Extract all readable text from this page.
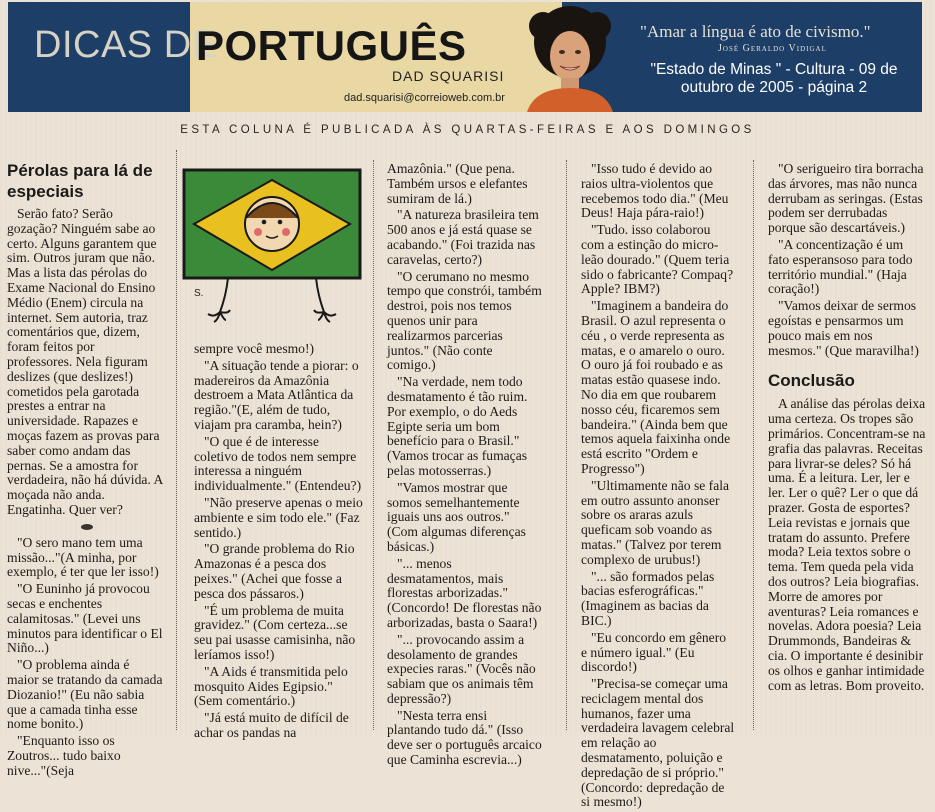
DICAS DE
PORTUGUÊS
DAD SQUARISI
dad.squarisi@correioweb.com.br
"Amar a língua é ato de civismo."
José Geraldo Vidigal
"Estado de Minas " - Cultura - 09 de outubro de 2005 - página 2
ESTA COLUNA É PUBLICADA ÀS QUARTAS-FEIRAS E AOS DOMINGOS
S.
Pérolas para lá de especiais

Serão fato? Serão gozação? Ninguém sabe ao certo. Alguns garantem que sim. Outros juram que não. Mas a lista das pérolas do Exame Nacional do Ensino Médio (Enem) circula na internet. Sem autoria, traz comentários que, dizem, foram feitos por professores. Nela figuram deslizes (que deslizes!) cometidos pela garotada prestes a entrar na universidade. Rapazes e moças fazem as provas para saber como andam das pernas. Se a amostra for verdadeira, não há dúvida. A moçada não anda. Engatinha. Quer ver?

"O sero mano tem uma missão..."(A minha, por exemplo, é ter que ler isso!)

"O Euninho já provocou secas e enchentes calamitosas." (Levei uns minutos para identificar o El Niño...)

"O problema ainda é maior se tratando da camada Diozanio!" (Eu não sabia que a camada tinha esse nome bonito.)

"Enquanto isso os Zoutros... tudo baixo nive..."(Seja

sempre você mesmo!)

"A situação tende a piorar: o madereiros da Amazônia destroem a Mata Atlântica da região."(E, além de tudo, viajam pra caramba, hein?)

"O que é de interesse coletivo de todos nem sempre interessa a ninguém individualmente." (Entendeu?)

"Não preserve apenas o meio ambiente e sim todo ele." (Faz sentido.)

"O grande problema do Rio Amazonas é a pesca dos peixes." (Achei que fosse a pesca dos pássaros.)

"É um problema de muita gravidez." (Com certeza...se seu pai usasse camisinha, não leríamos isso!)

"A Aids é transmitida pelo mosquito Aides Egipsio." (Sem comentário.)

"Já está muito de difícil de achar os pandas na

Amazônia." (Que pena. Também ursos e elefantes sumiram de lá.)

"A natureza brasileira tem 500 anos e já está quase se acabando." (Foi trazida nas caravelas, certo?)

"O cerumano no mesmo tempo que constrói, também destroi, pois nos temos quenos unir para realizarmos parcerias juntos." (Não conte comigo.)

"Na verdade, nem todo desmatamento é tão ruim. Por exemplo, o do Aeds Egipte seria um bom benefício para o Brasil." (Vamos trocar as fumaças pelas motosserras.)

"Vamos mostrar que somos semelhantemente iguais uns aos outros." (Com algumas diferenças básicas.)

"... menos desmatamentos, mais florestas arborizadas." (Concordo! De florestas não arborizadas, basta o Saara!)

"... provocando assim a desolamento de grandes expecies raras." (Vocês não sabiam que os animais têm depressão?)

"Nesta terra ensi plantando tudo dá." (Isso deve ser o português arcaico que Caminha escrevia...)

"Isso tudo é devido ao raios ultra-violentos que recebemos todo dia." (Meu Deus! Haja pára-raio!)

"Tudo. isso colaborou com a estinção do micro-leão dourado." (Quem teria sido o fabricante? Compaq? Apple? IBM?)

"Imaginem a bandeira do Brasil. O azul representa o céu , o verde representa as matas, e o amarelo o ouro. O ouro já foi roubado e as matas estão quasese indo. No dia em que roubarem nosso céu, ficaremos sem bandeira." (Ainda bem que temos aquela faixinha onde está escrito "Ordem e Progresso")

"Ultimamente não se fala em outro assunto anonser sobre os araras azuls queficam sob voando as matas." (Talvez por terem complexo de urubus!)

"... são formados pelas bacias esferográficas." (Imaginem as bacias da BIC.)

"Eu concordo em gênero e número igual." (Eu discordo!)

"Precisa-se começar uma reciclagem mental dos humanos, fazer uma verdadeira lavagem celebral em relação ao desmatamento, poluição e depredação de si próprio." (Concordo: depredação de si mesmo!)

"O serigueiro tira borracha das árvores, mas não nunca derrubam as seringas. (Estas podem ser derrubadas porque são descartáveis.)

"A concentização é um fato esperansoso para todo território mundial." (Haja coração!)

"Vamos deixar de sermos egoístas e pensarmos um pouco mais em nos mesmos." (Que maravilha!)

Conclusão

A análise das pérolas deixa uma certeza. Os tropes são primários. Concentram-se na grafia das palavras. Receitas para livrar-se deles? Só há uma. É a leitura. Ler, ler e ler. Ler o quê? Ler o que dá prazer. Gosta de esportes? Leia revistas e jornais que tratam do assunto. Prefere moda? Leia textos sobre o tema. Tem queda pela vida dos outros? Leia biografias. Morre de amores por aventuras? Leia romances e novelas. Adora poesia? Leia Drummonds, Bandeiras & cia. O importante é desinibir os olhos e ganhar intimidade com as letras. Bom proveito.
